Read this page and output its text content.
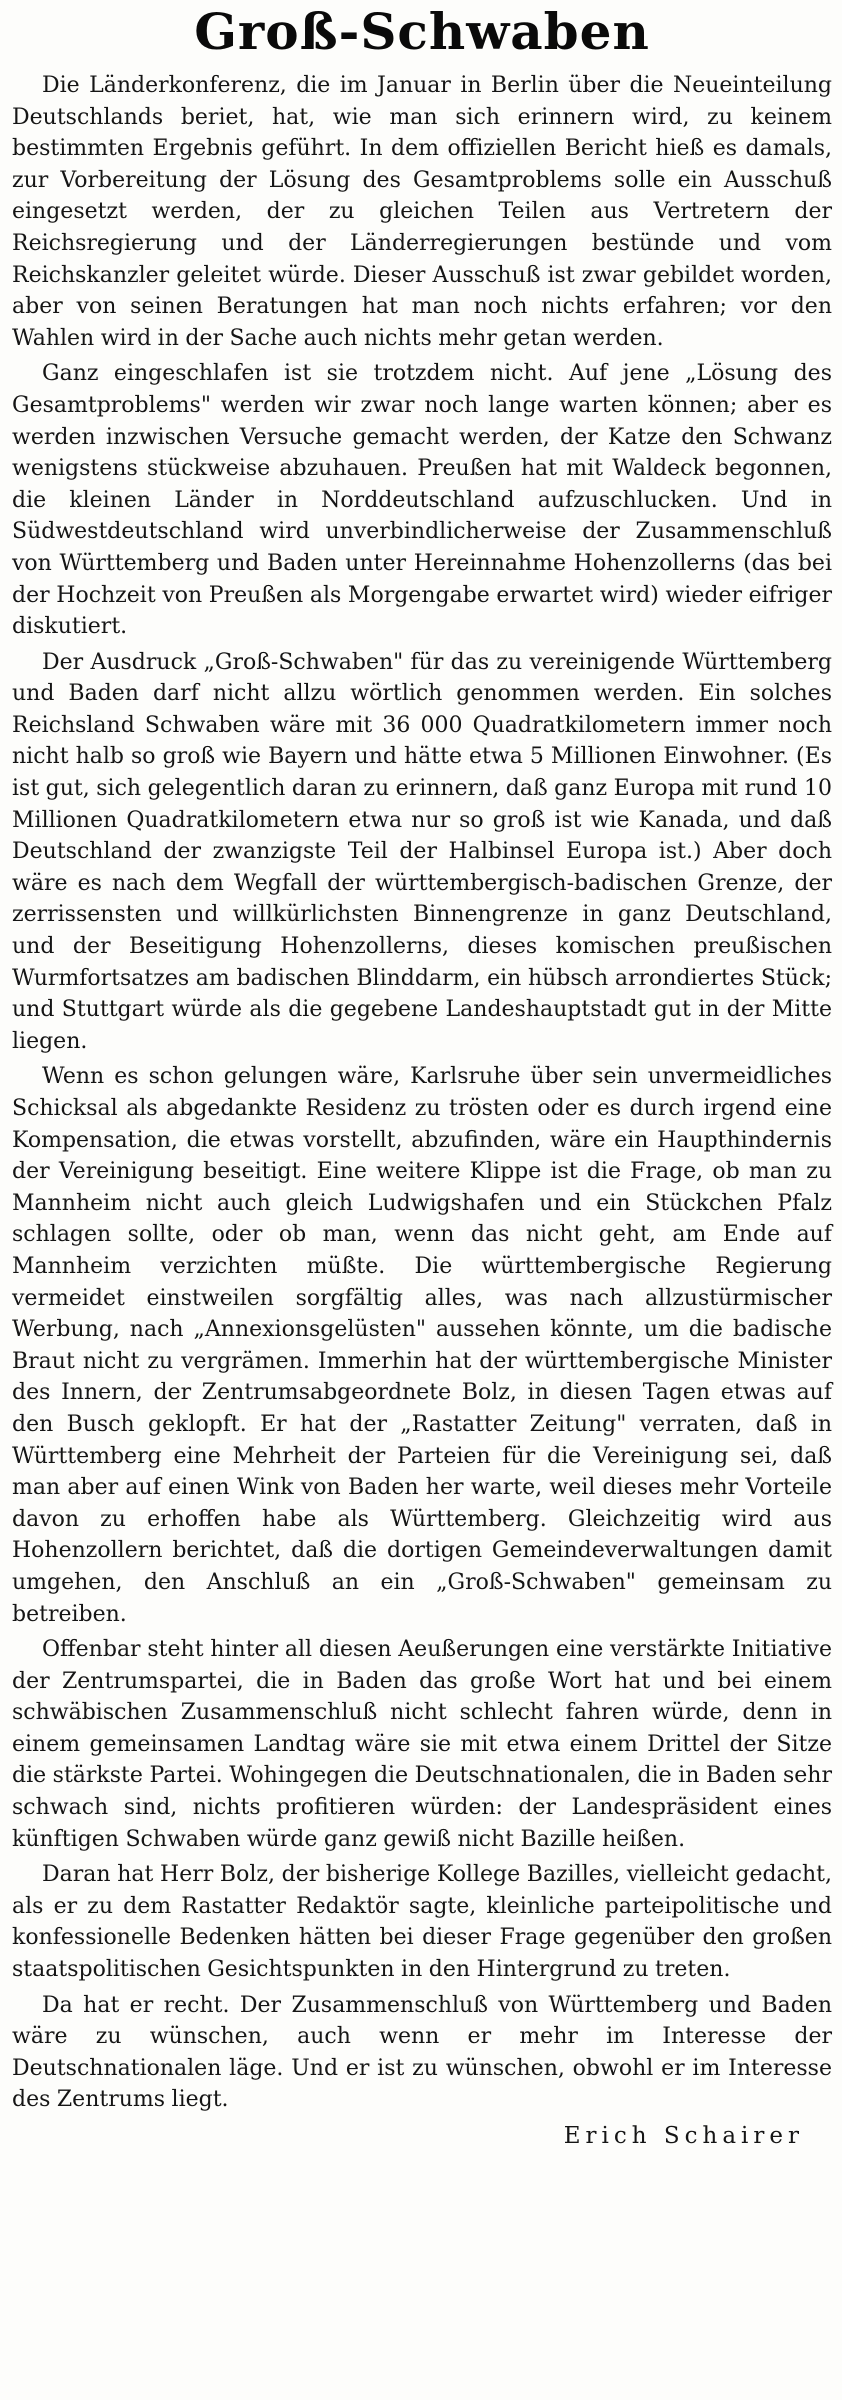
Groß-Schwaben

Die Länderkonferenz, die im Januar in Berlin über die Neueinteilung Deutschlands beriet, hat, wie man sich erinnern wird, zu keinem bestimmten Ergebnis geführt. In dem offiziellen Bericht hieß es damals, zur Vorbereitung der Lösung des Gesamtproblems solle ein Ausschuß eingesetzt werden, der zu gleichen Teilen aus Vertretern der Reichsregierung und der Länderregierungen bestünde und vom Reichskanzler geleitet würde. Dieser Ausschuß ist zwar gebildet worden, aber von seinen Beratungen hat man noch nichts erfahren; vor den Wahlen wird in der Sache auch nichts mehr getan werden.

Ganz eingeschlafen ist sie trotzdem nicht. Auf jene „Lösung des Gesamtproblems" werden wir zwar noch lange warten können; aber es werden inzwischen Versuche gemacht werden, der Katze den Schwanz wenigstens stückweise abzuhauen. Preußen hat mit Waldeck begonnen, die kleinen Länder in Norddeutschland aufzuschlucken. Und in Südwestdeutschland wird unverbindlicherweise der Zusammenschluß von Württemberg und Baden unter Hereinnahme Hohenzollerns (das bei der Hochzeit von Preußen als Morgengabe erwartet wird) wieder eifriger diskutiert.

Der Ausdruck „Groß-Schwaben" für das zu vereinigende Württemberg und Baden darf nicht allzu wörtlich genommen werden. Ein solches Reichsland Schwaben wäre mit 36 000 Quadratkilometern immer noch nicht halb so groß wie Bayern und hätte etwa 5 Millionen Einwohner. (Es ist gut, sich gelegentlich daran zu erinnern, daß ganz Europa mit rund 10 Millionen Quadratkilometern etwa nur so groß ist wie Kanada, und daß Deutschland der zwanzigste Teil der Halbinsel Europa ist.) Aber doch wäre es nach dem Wegfall der württembergisch-badischen Grenze, der zerrissensten und willkürlichsten Binnengrenze in ganz Deutschland, und der Beseitigung Hohenzollerns, dieses komischen preußischen Wurmfortsatzes am badischen Blinddarm, ein hübsch arrondiertes Stück; und Stuttgart würde als die gegebene Landeshauptstadt gut in der Mitte liegen.

Wenn es schon gelungen wäre, Karlsruhe über sein unvermeidliches Schicksal als abgedankte Residenz zu trösten oder es durch irgend eine Kompensation, die etwas vorstellt, abzufinden, wäre ein Haupthindernis der Vereinigung beseitigt. Eine weitere Klippe ist die Frage, ob man zu Mannheim nicht auch gleich Ludwigshafen und ein Stückchen Pfalz schlagen sollte, oder ob man, wenn das nicht geht, am Ende auf Mannheim verzichten müßte. Die württembergische Regierung vermeidet einstweilen sorgfältig alles, was nach allzustürmischer Werbung, nach „Annexionsgelüsten" aussehen könnte, um die badische Braut nicht zu vergrämen. Immerhin hat der württembergische Minister des Innern, der Zentrumsabgeordnete Bolz, in diesen Tagen etwas auf den Busch geklopft. Er hat der „Rastatter Zeitung" verraten, daß in Württemberg eine Mehrheit der Parteien für die Vereinigung sei, daß man aber auf einen Wink von Baden her warte, weil dieses mehr Vorteile davon zu erhoffen habe als Württemberg. Gleichzeitig wird aus Hohenzollern berichtet, daß die dortigen Gemeindeverwaltungen damit umgehen, den Anschluß an ein „Groß-Schwaben" gemeinsam zu betreiben.

Offenbar steht hinter all diesen Aeußerungen eine verstärkte Initiative der Zentrumspartei, die in Baden das große Wort hat und bei einem schwäbischen Zusammenschluß nicht schlecht fahren würde, denn in einem gemeinsamen Landtag wäre sie mit etwa einem Drittel der Sitze die stärkste Partei. Wohingegen die Deutschnationalen, die in Baden sehr schwach sind, nichts profitieren würden: der Landespräsident eines künftigen Schwaben würde ganz gewiß nicht Bazille heißen.

Daran hat Herr Bolz, der bisherige Kollege Bazilles, vielleicht gedacht, als er zu dem Rastatter Redaktör sagte, kleinliche parteipolitische und konfessionelle Bedenken hätten bei dieser Frage gegenüber den großen staatspolitischen Gesichtspunkten in den Hintergrund zu treten.

Da hat er recht. Der Zusammenschluß von Württemberg und Baden wäre zu wünschen, auch wenn er mehr im Interesse der Deutschnationalen läge. Und er ist zu wünschen, obwohl er im Interesse des Zentrums liegt.

Erich Schairer
